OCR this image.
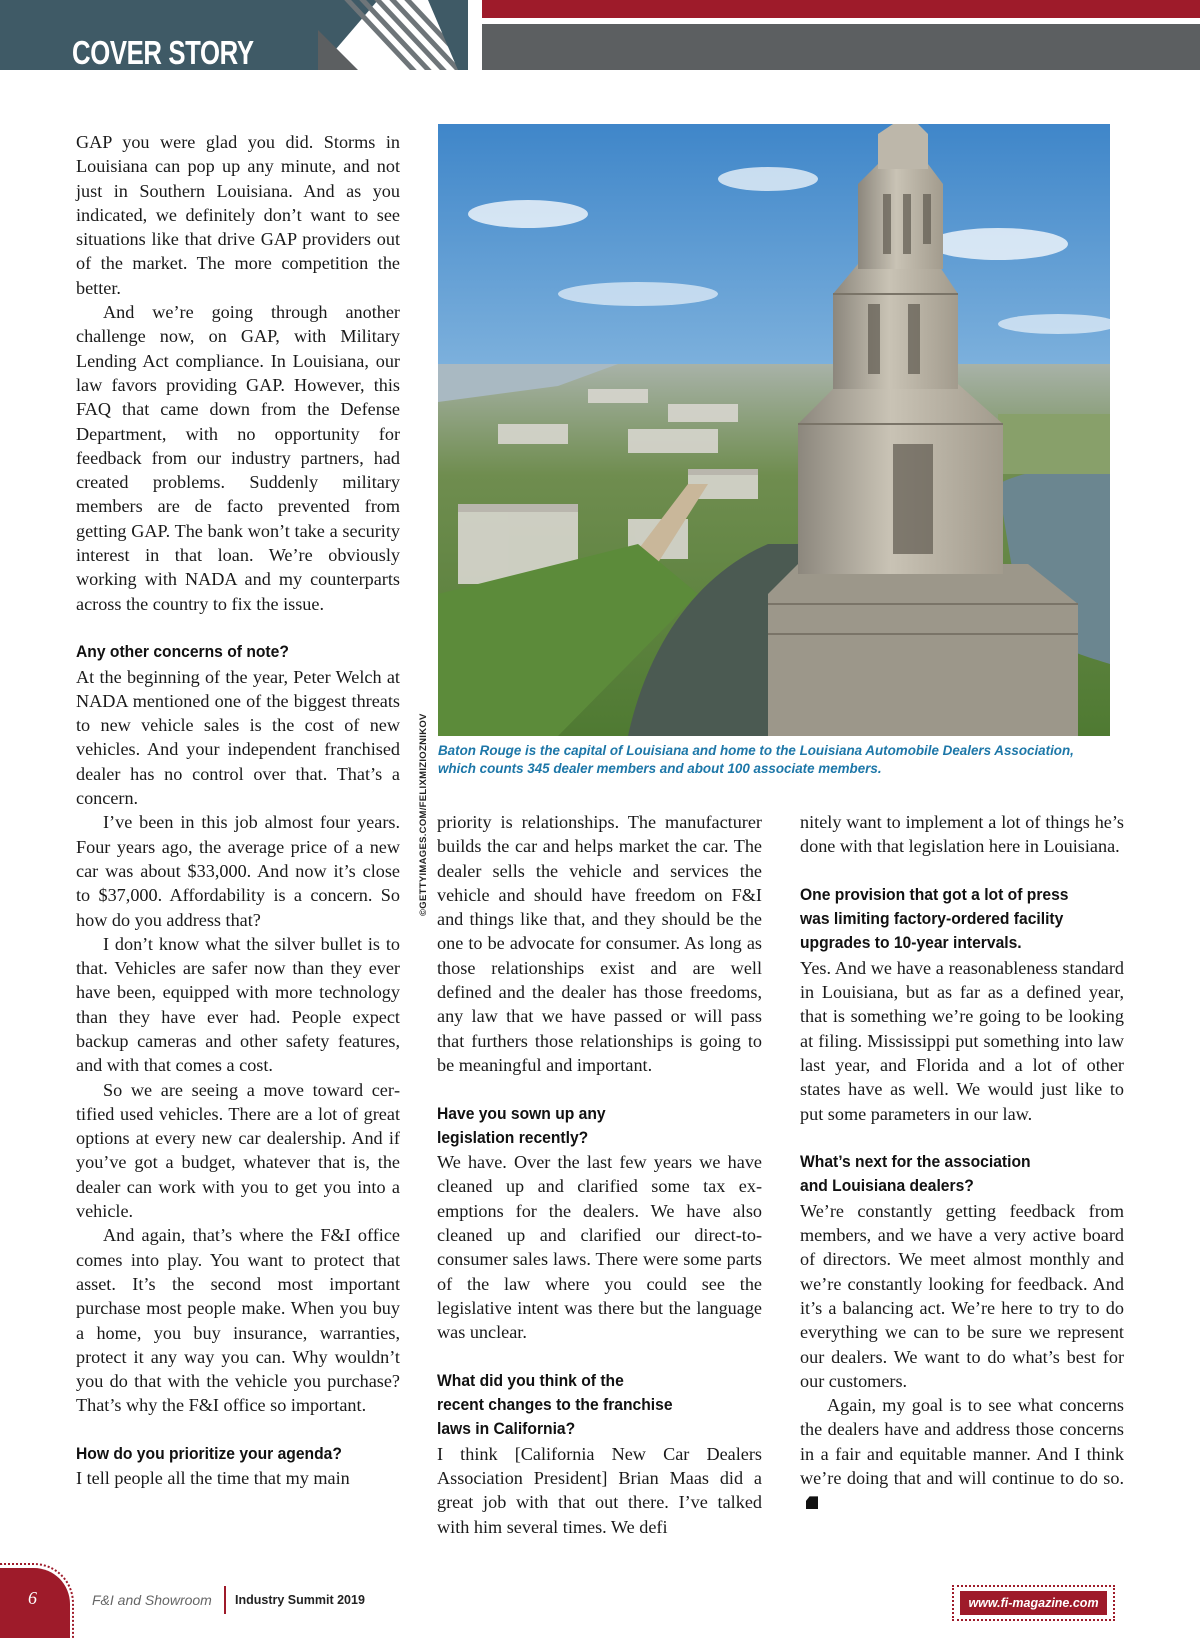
COVER STORY

GAP you were glad you did. Storms in Louisiana can pop up any minute, and not just in Southern Louisiana. And as you indicated, we definitely don’t want to see situations like that drive GAP providers out of the market. The more competition the better.

And we’re going through another challenge now, on GAP, with Military Lending Act compliance. In Louisiana, our law favors providing GAP. However, this FAQ that came down from the Defense Department, with no opportunity for feedback from our industry partners, had created problems. Suddenly military members are de facto prevented from getting GAP. The bank won’t take a security interest in that loan. We’re obviously working with NADA and my counterparts across the country to fix the issue.

Any other concerns of note?

At the beginning of the year, Peter Welch at NADA mentioned one of the biggest threats to new vehicle sales is the cost of new vehicles. And your independent franchised dealer has no control over that. That’s a concern.

I’ve been in this job almost four years. Four years ago, the average price of a new car was about $33,000. And now it’s close to $37,000. Affordability is a concern. So how do you address that?

I don’t know what the silver bullet is to that. Vehicles are safer now than they ever have been, equipped with more technology than they have ever had. People expect backup cameras and other safety features, and with that comes a cost.

So we are seeing a move toward certified used vehicles. There are a lot of great options at every new car dealership. And if you’ve got a budget, whatever that is, the dealer can work with you to get you into a vehicle.

And again, that’s where the F&I office comes into play. You want to protect that asset. It’s the second most important purchase most people make. When you buy a home, you buy insurance, warranties, protect it any way you can. Why wouldn’t you do that with the vehicle you purchase? That’s why the F&I office so important.

How do you prioritize your agenda?

I tell people all the time that my main

©GETTYIMAGES.COM/FELIXMIZIOZNIKOV Baton Rouge is the capital of Louisiana and home to the Louisiana Automobile Dealers Association, which counts 345 dealer members and about 100 associate members.

priority is relationships. The manufacturer builds the car and helps market the car. The dealer sells the vehicle and services the vehicle and should have freedom on F&I and things like that, and they should be the one to be advocate for consumer. As long as those relationships exist and are well defined and the dealer has those freedoms, any law that we have passed or will pass that furthers those relationships is going to be meaningful and important.

Have you sown up any
legislation recently?

We have. Over the last few years we have cleaned up and clarified some tax exemptions for the dealers. We have also cleaned up and clarified our direct-to-consumer sales laws. There were some parts of the law where you could see the legislative intent was there but the language was unclear.

What did you think of the
recent changes to the franchise
laws in California?

I think [California New Car Dealers Association President] Brian Maas did a great job with that out there. I’ve talked with him several times. We defi

nitely want to implement a lot of things he’s done with that legislation here in Louisiana.

One provision that got a lot of press
was limiting factory-ordered facility
upgrades to 10-year intervals.

Yes. And we have a reasonableness standard in Louisiana, but as far as a defined year, that is something we’re going to be looking at filing. Mississippi put something into law last year, and Florida and a lot of other states have as well. We would just like to put some parameters in our law.

What’s next for the association
and Louisiana dealers?

We’re constantly getting feedback from members, and we have a very active board of directors. We meet almost monthly and we’re constantly looking for feedback. And it’s a balancing act. We’re here to try to do everything we can to be sure we represent our dealers. We want to do what’s best for our customers.

Again, my goal is to see what concerns the dealers have and address those concerns in a fair and equitable manner. And I think we’re doing that and will continue to do so.

6	F&I and Showroom Industry Summit 2019	www.fi-magazine.com
